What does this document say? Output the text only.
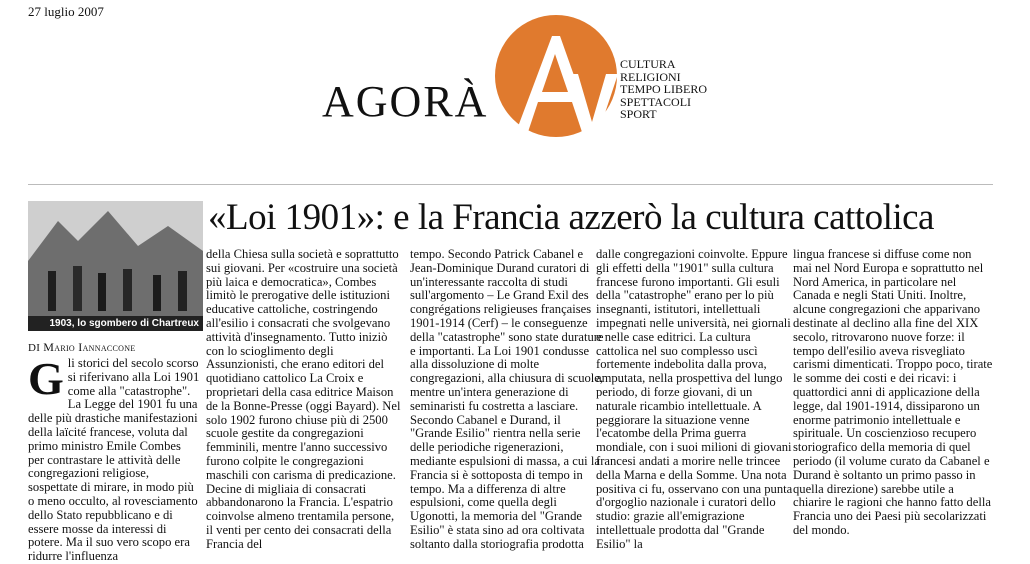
27 luglio 2007
AGORÀ
CULTURA
RELIGIONI
TEMPO LIBERO
SPETTACOLI
SPORT
1903, lo sgombero di Chartreux
«Loi 1901»: e la Francia azzerò la cultura cattolica
DI Mario Iannaccone
G li storici del secolo scorso si riferivano alla Loi 1901 come alla "catastrophe". La Legge del 1901 fu una delle più drastiche manifestazioni della laïcité francese, voluta dal primo ministro Emile Combes per contrastare le attività delle congregazioni religiose, sospettate di mirare, in modo più o meno occulto, al rovesciamento dello Stato repubblicano e di essere mosse da interessi di potere. Ma il suo vero scopo era ridurre l'influenza
della Chiesa sulla società e soprattutto sui giovani. Per «costruire una società più laica e democratica», Combes limitò le prerogative delle istituzioni educative cattoliche, costringendo all'esilio i consacrati che svolgevano attività d'insegnamento. Tutto iniziò con lo scioglimento degli Assunzionisti, che erano editori del quotidiano cattolico La Croix e proprietari della casa editrice Maison de la Bonne-Presse (oggi Bayard). Nel solo 1902 furono chiuse più di 2500 scuole gestite da congregazioni femminili, mentre l'anno successivo furono colpite le congregazioni maschili con carisma di predicazione. Decine di migliaia di consacrati abbandonarono la Francia. L'espatrio coinvolse almeno trentamila persone, il venti per cento dei consacrati della Francia del
tempo. Secondo Patrick Cabanel e Jean-Dominique Durand curatori di un'interessante raccolta di studi sull'argomento – Le Grand Exil des congrégations religieuses françaises 1901-1914 (Cerf) – le conseguenze della "catastrophe" sono state durature e importanti. La Loi 1901 condusse alla dissoluzione di molte congregazioni, alla chiusura di scuole, mentre un'intera generazione di seminaristi fu costretta a lasciare. Secondo Cabanel e Durand, il "Grande Esilio" rientra nella serie delle periodiche rigenerazioni, mediante espulsioni di massa, a cui la Francia si è sottoposta di tempo in tempo. Ma a differenza di altre espulsioni, come quella degli Ugonotti, la memoria del "Grande Esilio" è stata sino ad ora coltivata soltanto dalla storiografia prodotta
dalle congregazioni coinvolte. Eppure gli effetti della "1901" sulla cultura francese furono importanti. Gli esuli della "catastrophe" erano per lo più insegnanti, istitutori, intellettuali impegnati nelle università, nei giornali e nelle case editrici. La cultura cattolica nel suo complesso uscì fortemente indebolita dalla prova, amputata, nella prospettiva del lungo periodo, di forze giovani, di un naturale ricambio intellettuale. A peggiorare la situazione venne l'ecatombe della Prima guerra mondiale, con i suoi milioni di giovani francesi andati a morire nelle trincee della Marna e della Somme. Una nota positiva ci fu, osservano con una punta d'orgoglio nazionale i curatori dello studio: grazie all'emigrazione intellettuale prodotta dal "Grande Esilio" la
lingua francese si diffuse come non mai nel Nord Europa e soprattutto nel Nord America, in particolare nel Canada e negli Stati Uniti. Inoltre, alcune congregazioni che apparivano destinate al declino alla fine del XIX secolo, ritrovarono nuove forze: il tempo dell'esilio aveva risvegliato carismi dimenticati. Troppo poco, tirate le somme dei costi e dei ricavi: i quattordici anni di applicazione della legge, dal 1901-1914, dissiparono un enorme patrimonio intellettuale e spirituale. Un coscienzioso recupero storiografico della memoria di quel periodo (il volume curato da Cabanel e Durand è soltanto un primo passo in quella direzione) sarebbe utile a chiarire le ragioni che hanno fatto della Francia uno dei Paesi più secolarizzati del mondo.
